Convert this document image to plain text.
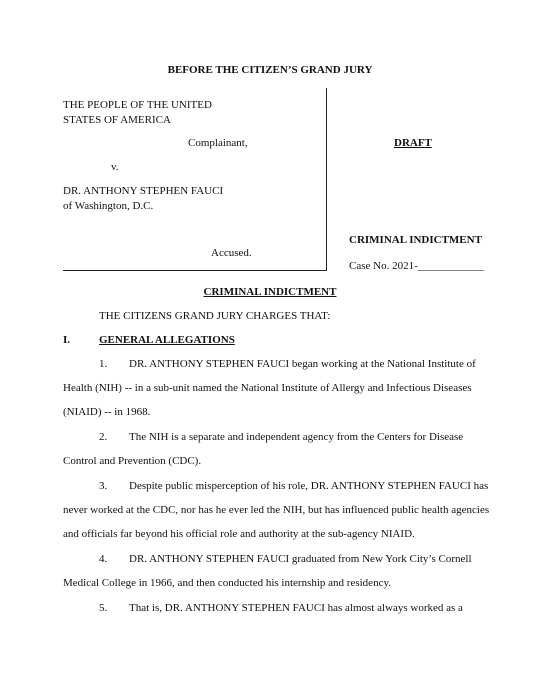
BEFORE THE CITIZEN’S GRAND JURY
THE PEOPLE OF THE UNITED
STATES OF AMERICA
Complainant,
v.
DR. ANTHONY STEPHEN FAUCI
of Washington, D.C.
Accused.
DRAFT
CRIMINAL INDICTMENT
Case No. 2021-____________
CRIMINAL INDICTMENT
THE CITIZENS GRAND JURY CHARGES THAT:
I.	GENERAL ALLEGATIONS
1. DR. ANTHONY STEPHEN FAUCI began working at the National Institute of
Health (NIH) -- in a sub-unit named the National Institute of Allergy and Infectious Diseases
(NIAID) -- in 1968.
2. The NIH is a separate and independent agency from the Centers for Disease
Control and Prevention (CDC).
3. Despite public misperception of his role, DR. ANTHONY STEPHEN FAUCI has
never worked at the CDC, nor has he ever led the NIH, but has influenced public health agencies
and officials far beyond his official role and authority at the sub-agency NIAID.
4. DR. ANTHONY STEPHEN FAUCI graduated from New York City’s Cornell
Medical College in 1966, and then conducted his internship and residency.
5. That is, DR. ANTHONY STEPHEN FAUCI has almost always worked as a
